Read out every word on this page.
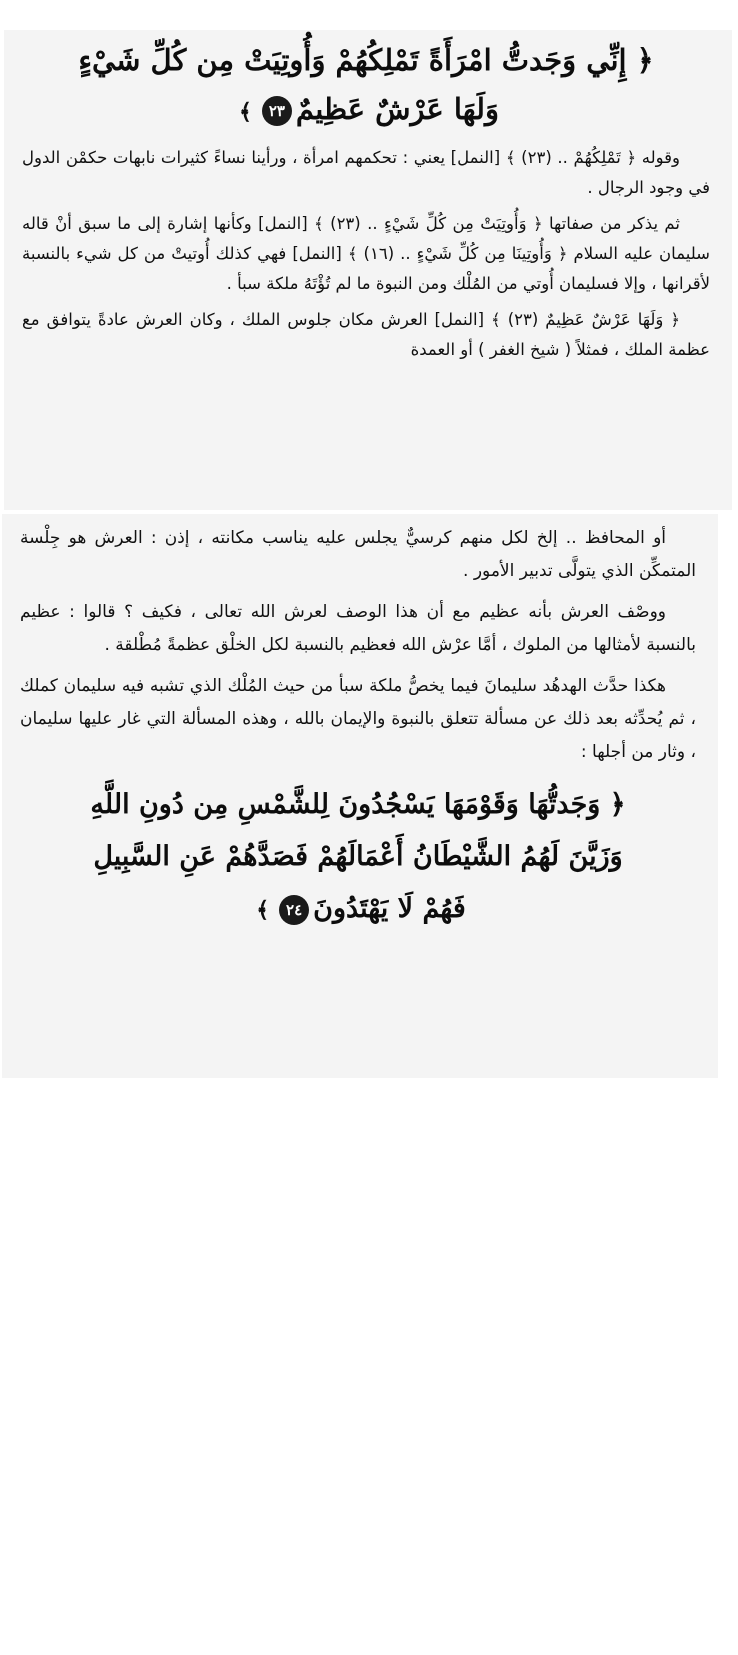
﴿ إِنِّي وَجَدتُّ امْرَأَةً تَمْلِكُهُمْ وَأُوتِيَتْ مِن كُلِّ شَيْءٍ
وَلَهَا عَرْشٌ عَظِيمٌ٢٣﴾

وقوله ﴿ تَمْلِكُهُمْ .. (٢٣) ﴾ [النمل] يعني : تحكمهم امرأة ، ورأينا نساءً كثيرات نابهات حكمْن الدول في وجود الرجال .

ثم يذكر من صفاتها ﴿ وَأُوتِيَتْ مِن كُلِّ شَيْءٍ .. (٢٣) ﴾ [النمل] وكأنها إشارة إلى ما سبق أنْ قاله سليمان عليه السلام ﴿ وَأُوتِينَا مِن كُلِّ شَيْءٍ .. (١٦) ﴾ [النمل] فهي كذلك أُوتيتْ من كل شيء بالنسبة لأقرانها ، وإلا فسليمان أُوتي من المُلْك ومن النبوة ما لم تُؤْتَهُ ملكة سبأ .

﴿ وَلَهَا عَرْشٌ عَظِيمٌ (٢٣) ﴾ [النمل] العرش مكان جلوس الملك ، وكان العرش عادةً يتوافق مع عظمة الملك ، فمثلاً ( شيخ الغفر ) أو العمدة

أو المحافظ .. إلخ لكل منهم كرسيٌّ يجلس عليه يناسب مكانته ، إذن : العرش هو جِلْسة المتمكِّن الذي يتولَّى تدبير الأمور .

ووصْف العرش بأنه عظيم مع أن هذا الوصف لعرش الله تعالى ، فكيف ؟ قالوا : عظيم بالنسبة لأمثالها من الملوك ، أمَّا عرْش الله فعظيم بالنسبة لكل الخلْق عظمةً مُطْلقة .

هكذا حدَّث الهدهُد سليمانَ فيما يخصُّ ملكة سبأ من حيث المُلْك الذي تشبه فيه سليمان كملك ، ثم يُحدِّثه بعد ذلك عن مسألة تتعلق بالنبوة والإيمان بالله ، وهذه المسألة التي غار عليها سليمان ، وثار من أجلها :

﴿ وَجَدتُّهَا وَقَوْمَهَا يَسْجُدُونَ لِلشَّمْسِ مِن دُونِ اللَّهِ
وَزَيَّنَ لَهُمُ الشَّيْطَانُ أَعْمَالَهُمْ فَصَدَّهُمْ عَنِ السَّبِيلِ
فَهُمْ لَا يَهْتَدُونَ٢٤﴾
